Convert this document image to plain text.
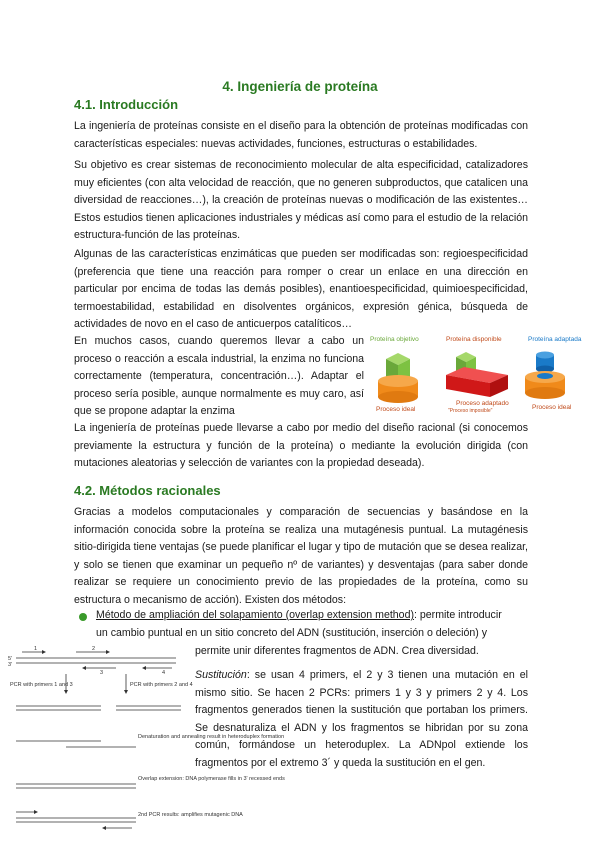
4. Ingeniería de proteína
4.1. Introducción

La ingeniería de proteínas consiste en el diseño para la obtención de proteínas modificadas con características especiales: nuevas actividades, funciones, estructuras o estabilidades.

Su objetivo es crear sistemas de reconocimiento molecular de alta especificidad, catalizadores muy eficientes (con alta velocidad de reacción, que no generen subproductos, que catalicen una diversidad de reacciones…), la creación de proteínas nuevas o modificación de las existentes… Estos estudios tienen aplicaciones industriales y médicas así como para el estudio de la relación estructura-función de las proteínas.

Algunas de las características enzimáticas que pueden ser modificadas son: regioespecificidad (preferencia que tiene una reacción para romper o crear un enlace en una dirección en particular por encima de todas las demás posibles), enantioespecificidad, quimioespecificidad, termoestabilidad, estabilidad en disolventes orgánicos, expresión génica, búsqueda de actividades de novo en el caso de anticuerpos catalíticos…

En muchos casos, cuando queremos llevar a cabo un proceso o reacción a escala industrial, la enzima no funciona correctamente (temperatura, concentración…). Adaptar el proceso sería posible, aunque normalmente es muy caro, así que se propone adaptar la enzima

Proteína objetivo
Proceso ideal
Proteína disponible
Proceso adaptado
"Proceso imposible"
Proteína adaptada
Proceso ideal

La ingeniería de proteínas puede llevarse a cabo por medio del diseño racional (si conocemos previamente la estructura y función de la proteína) o mediante la evolución dirigida (con mutaciones aleatorias y selección de variantes con la propiedad deseada).

4.2. Métodos racionales

Gracias a modelos computacionales y comparación de secuencias y basándose en la información conocida sobre la proteína se realiza una mutagénesis puntual. La mutagénesis sitio-dirigida tiene ventajas (se puede planificar el lugar y tipo de mutación que se desea realizar, y solo se tienen que examinar un pequeño nº de variantes) y desventajas (para saber donde realizar se requiere un conocimiento previo de las propiedades de la proteína, como su estructura o mecanismo de acción). Existen dos métodos:

Método de ampliación del solapamiento (overlap extension method): permite introducir
un cambio puntual en un sitio concreto del ADN (sustitución, inserción o deleción) y
permite unir diferentes fragmentos de ADN. Crea diversidad.

Sustitución: se usan 4 primers, el 2 y 3 tienen una mutación en el mismo sitio. Se hacen 2 PCRs: primers 1 y 3 y primers 2 y 4. Los fragmentos generados tienen la sustitución que portaban los primers. Se desnaturaliza el ADN y los fragmentos se hibridan por su zona común, formándose un heteroduplex. La ADNpol extiende los fragmentos por el extremo 3´ y queda la sustitución en el gen.

1	2
3	4
5'
3'
PCR with primers 1 and 3	PCR with primers 2 and 4
Denaturation and annealing result in heteroduplex formation
Overlap extension: DNA polymerase fills in 3' recessed ends
2nd PCR results: amplifies mutagenic DNA
